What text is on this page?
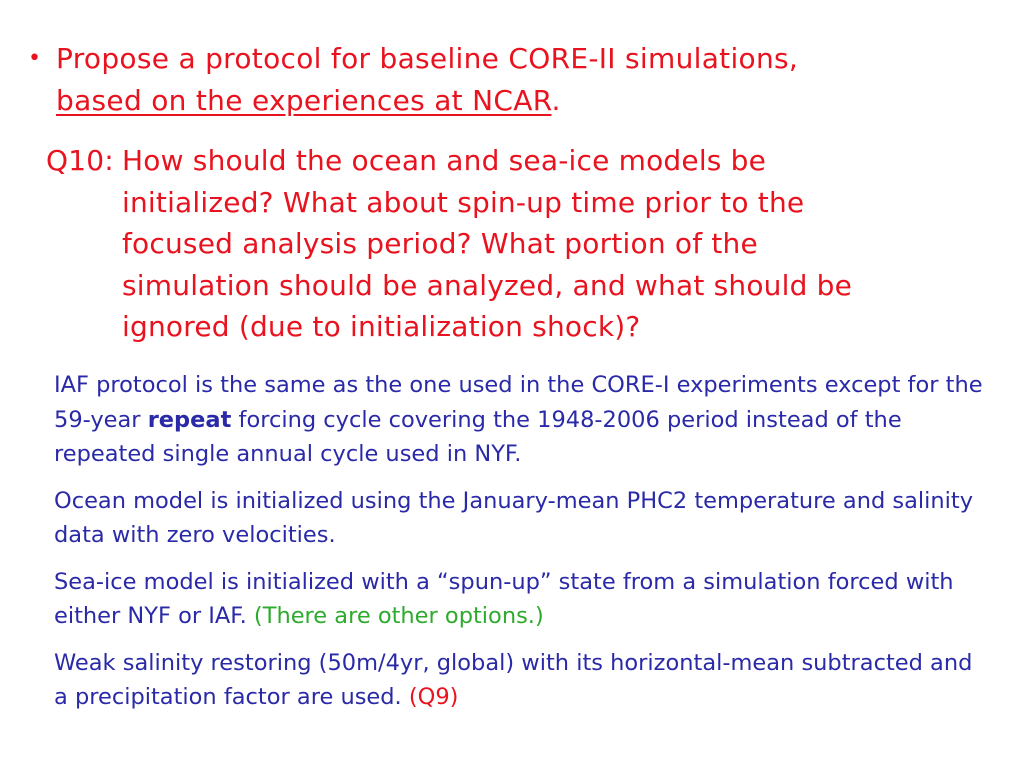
• Propose a protocol for baseline CORE-II simulations,
based on the experiences at NCAR.
Q10: How should the ocean and sea-ice models be
initialized? What about spin-up time prior to the
focused analysis period? What portion of the
simulation should be analyzed, and what should be
ignored (due to initialization shock)?

IAF protocol is the same as the one used in the CORE-I experiments except for the 59-year repeat forcing cycle covering the 1948-2006 period instead of the repeated single annual cycle used in NYF.

Ocean model is initialized using the January-mean PHC2 temperature and salinity data with zero velocities.

Sea-ice model is initialized with a “spun-up” state from a simulation forced with either NYF or IAF. (There are other options.)

Weak salinity restoring (50m/4yr, global) with its horizontal-mean subtracted and a precipitation factor are used. (Q9)
